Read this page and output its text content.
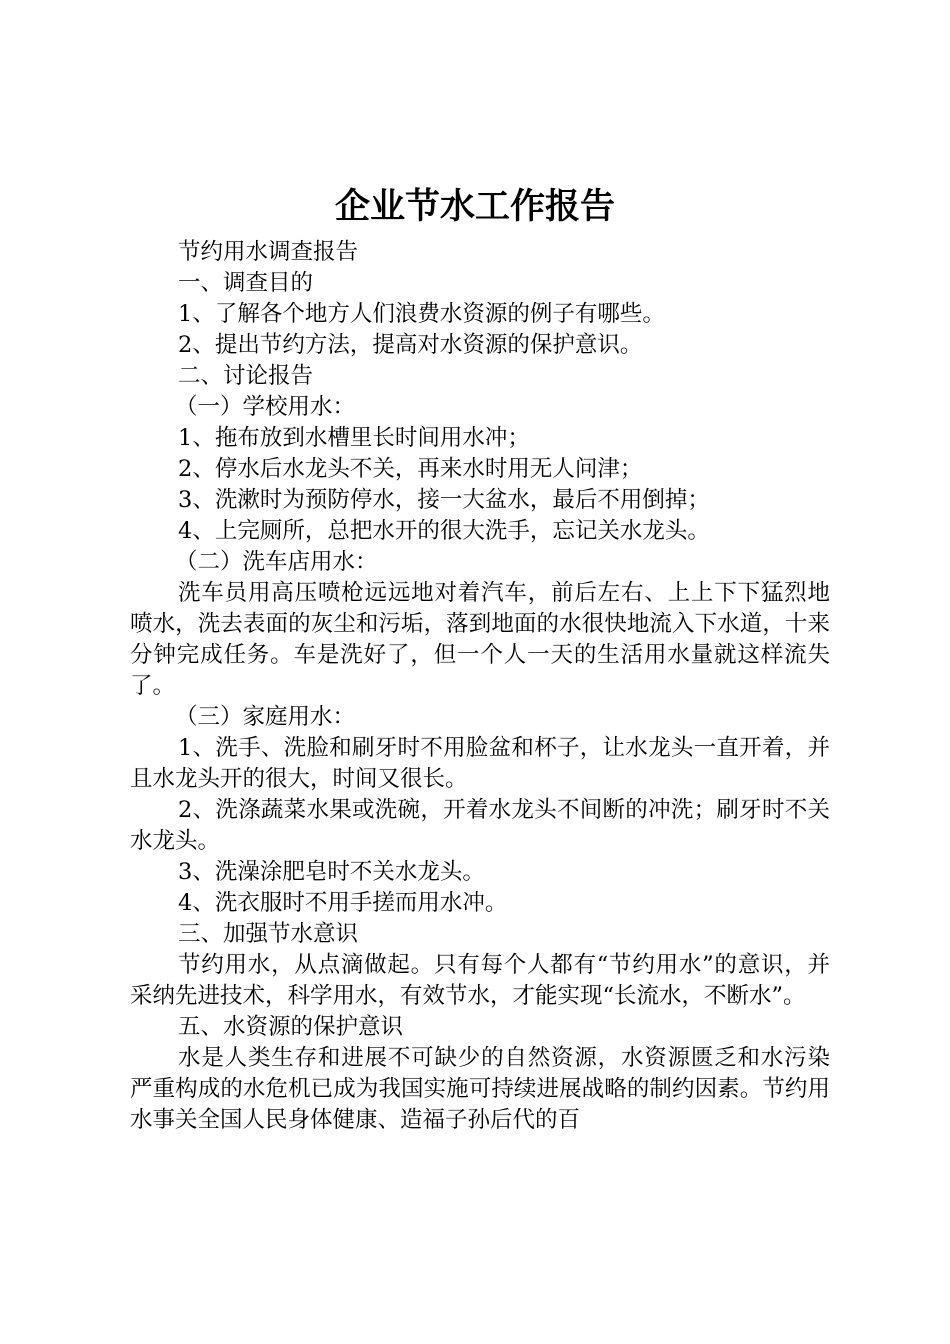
企业节水工作报告

节约用水调查报告

一、调查目的

1、了解各个地方人们浪费水资源的例子有哪些。

2、提出节约方法，提高对水资源的保护意识。

二、讨论报告

（一）学校用水：

1、拖布放到水槽里长时间用水冲；

2、停水后水龙头不关，再来水时用无人问津；

3、洗漱时为预防停水，接一大盆水，最后不用倒掉；

4、上完厕所，总把水开的很大洗手，忘记关水龙头。

（二）洗车店用水：

洗车员用高压喷枪远远地对着汽车，前后左右、上上下下猛烈地喷水，洗去表面的灰尘和污垢，落到地面的水很快地流入下水道，十来分钟完成任务。车是洗好了，但一个人一天的生活用水量就这样流失了。

（三）家庭用水：

1、洗手、洗脸和刷牙时不用脸盆和杯子，让水龙头一直开着，并且水龙头开的很大，时间又很长。

2、洗涤蔬菜水果或洗碗，开着水龙头不间断的冲洗；刷牙时不关水龙头。

3、洗澡涂肥皂时不关水龙头。

4、洗衣服时不用手搓而用水冲。

三、加强节水意识

节约用水，从点滴做起。只有每个人都有“节约用水”的意识，并采纳先进技术，科学用水，有效节水，才能实现“长流水，不断水”。

五、水资源的保护意识

水是人类生存和进展不可缺少的自然资源，水资源匮乏和水污染严重构成的水危机已成为我国实施可持续进展战略的制约因素。节约用水事关全国人民身体健康、造福子孙后代的百
